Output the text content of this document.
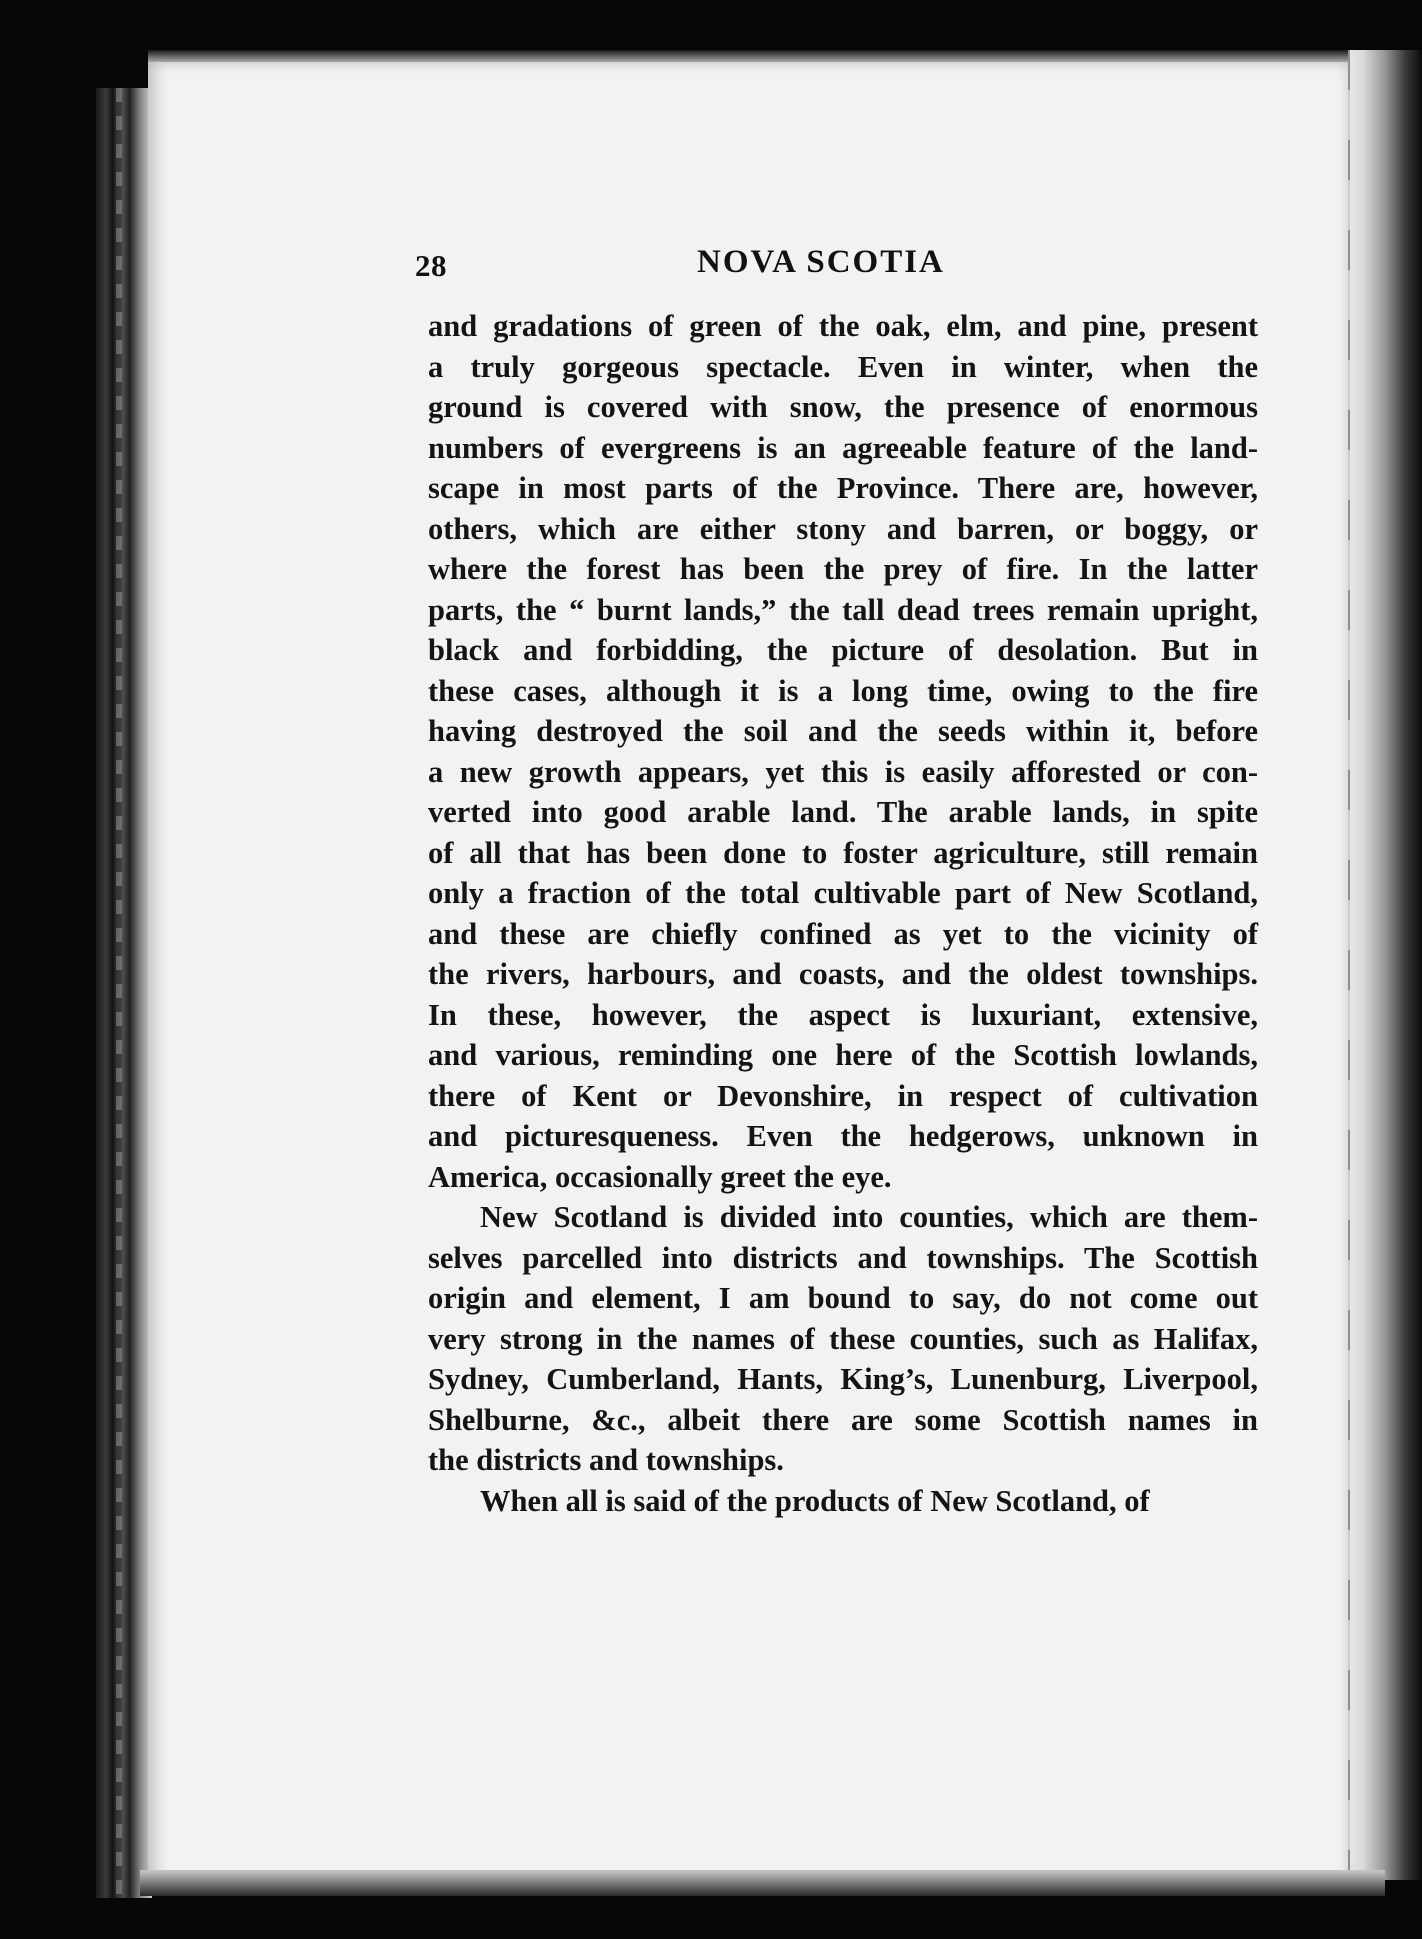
28	NOVA SCOTIA
and gradations of green of the oak, elm, and pine, present
a truly gorgeous spectacle. Even in winter, when the
ground is covered with snow, the presence of enormous
numbers of evergreens is an agreeable feature of the land-
scape in most parts of the Province. There are, however,
others, which are either stony and barren, or boggy, or
where the forest has been the prey of fire. In the latter
parts, the “ burnt lands,” the tall dead trees remain upright,
black and forbidding, the picture of desolation. But in
these cases, although it is a long time, owing to the fire
having destroyed the soil and the seeds within it, before
a new growth appears, yet this is easily afforested or con-
verted into good arable land. The arable lands, in spite
of all that has been done to foster agriculture, still remain
only a fraction of the total cultivable part of New Scotland,
and these are chiefly confined as yet to the vicinity of
the rivers, harbours, and coasts, and the oldest townships.
In these, however, the aspect is luxuriant, extensive,
and various, reminding one here of the Scottish lowlands,
there of Kent or Devonshire, in respect of cultivation
and picturesqueness. Even the hedgerows, unknown in
America, occasionally greet the eye.
New Scotland is divided into counties, which are them-
selves parcelled into districts and townships. The Scottish
origin and element, I am bound to say, do not come out
very strong in the names of these counties, such as Halifax,
Sydney, Cumberland, Hants, King’s, Lunenburg, Liverpool,
Shelburne, &c., albeit there are some Scottish names in
the districts and townships.
When all is said of the products of New Scotland, of
